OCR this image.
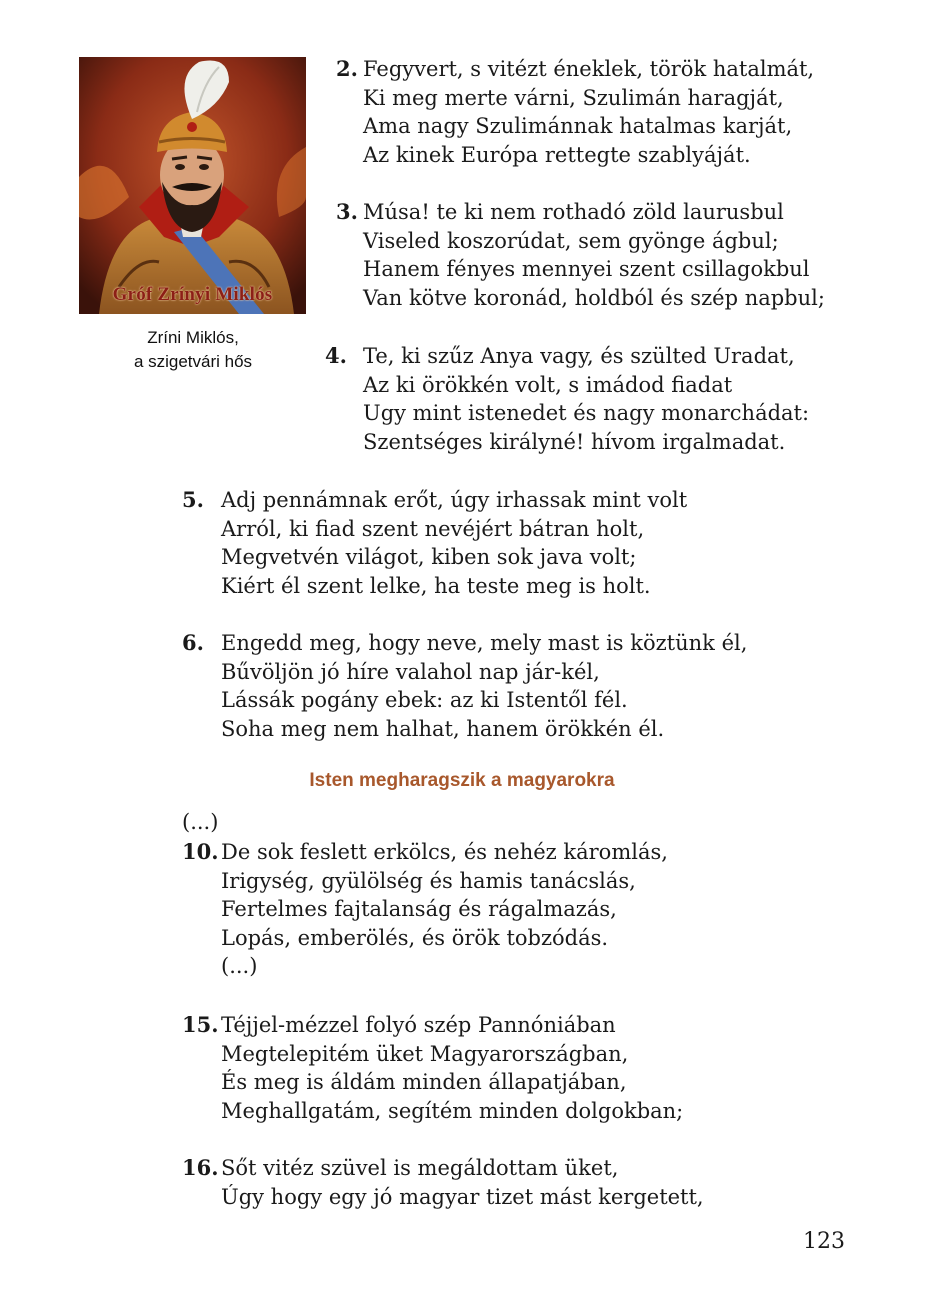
Gróf Zrínyi Miklós
Zríni Miklós,
a szigetvári hős
2. Fegyvert, s vitézt éneklek, török hatalmát,
Ki meg merte várni, Szulimán haragját,
Ama nagy Szulimánnak hatalmas karját,
Az kinek Európa rettegte szablyáját.
3. Músa! te ki nem rothadó zöld laurusbul
Viseled koszorúdat, sem gyönge ágbul;
Hanem fényes mennyei szent csillagokbul
Van kötve koronád, holdból és szép napbul;
4. Te, ki szűz Anya vagy, és szülted Uradat,
Az ki örökkén volt, s imádod fiadat
Ugy mint istenedet és nagy monarchádat:
Szentséges királyné! hívom irgalmadat.
5. Adj pennámnak erőt, úgy irhassak mint volt
Arról, ki fiad szent nevéjért bátran holt,
Megvetvén világot, kiben sok java volt;
Kiért él szent lelke, ha teste meg is holt.
6. Engedd meg, hogy neve, mely mast is köztünk él,
Bűvöljön jó híre valahol nap jár-kél,
Lássák pogány ebek: az ki Istentől fél.
Soha meg nem halhat, hanem örökkén él.
Isten megharagszik a magyarokra
(...)
10. De sok feslett erkölcs, és nehéz káromlás,
Irigység, gyülölség és hamis tanácslás,
Fertelmes fajtalanság és rágalmazás,
Lopás, emberölés, és örök tobzódás.
(...)
15. Téjjel-mézzel folyó szép Pannóniában
Megtelepitém üket Magyarországban,
És meg is áldám minden állapatjában,
Meghallgatám, segítém minden dolgokban;
16. Sőt vitéz szüvel is megáldottam üket,
Úgy hogy egy jó magyar tizet mást kergetett,
123
